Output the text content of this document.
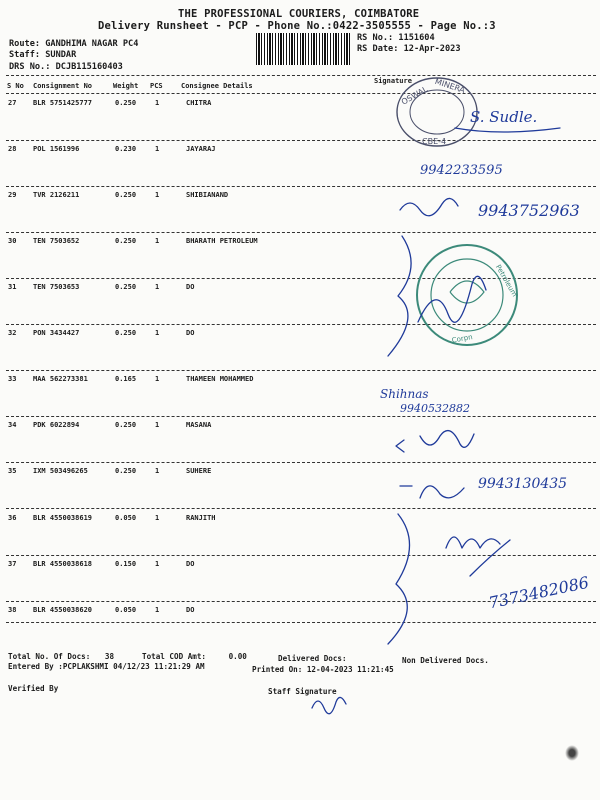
THE PROFESSIONAL COURIERS, COIMBATORE
Delivery Runsheet - PCP - Phone No.:0422-3505555 - Page No.:3
Route: GANDHIMA NAGAR PC4
Staff: SUNDAR
DRS No.: DCJB115160403
RS No.: 1151604
RS Date: 12-Apr-2023
S No Consignment No	Weight PCS	Consignee Details
Signature
27 BLR 5751425777	0.250	1	CHITRA
28 POL 1561996	0.230	1	JAYARAJ
29 TVR 2126211	0.250	1	SHIBIANAND
30 TEN 7503652	0.250	1	BHARATH PETROLEUM
31 TEN 7503653	0.250	1	DO
32 PON 3434427	0.250	1	DO
33 MAA 562273381	0.165	1	THAMEEN MOHAMMED
34 PDK 6022894	0.250	1	MASANA
35 IXM 503496265	0.250	1	SUHERE
36 BLR 4550038619	0.050	1	RANJITH
37 BLR 4550038618	0.150	1	DO
38 BLR 4550038620	0.050	1	DO
OSWAL MINERA
CBE-4
Petroleum
Corpn
S. Sudle.
9942233595
9943752963
Shihnas
9940532882
9943130435
7373482086
Total No. Of Docs: 38	Total COD Amt:	0.00	Delivered Docs:	Non Delivered Docs.
Entered By :PCPLAKSHMI 04/12/23 11:21:29 AM	Printed On: 12-04-2023 11:21:45
Verified By	Staff Signature
